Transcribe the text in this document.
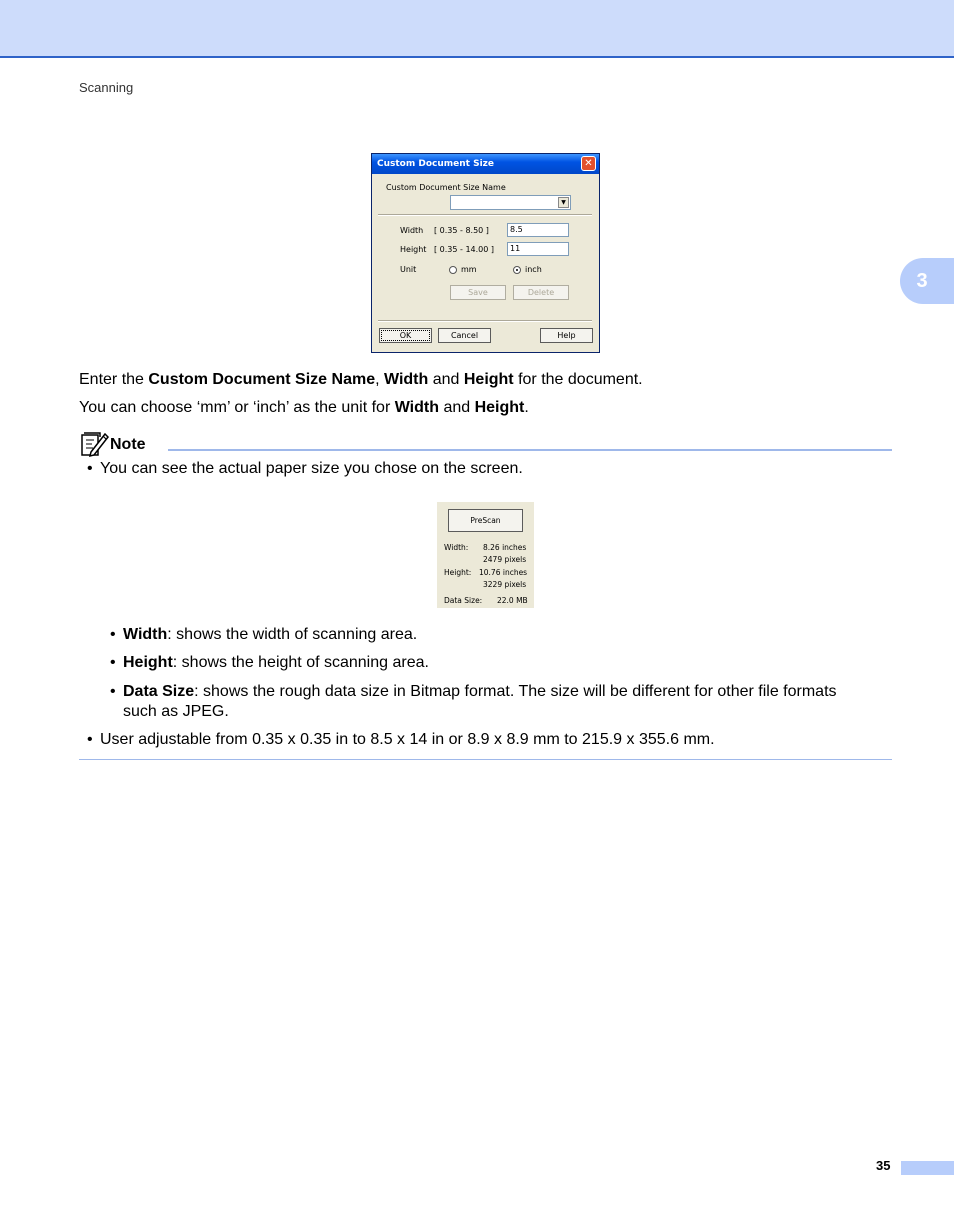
Scanning
3
Custom Document Size	✕
Custom Document Size Name
▼
Width [ 0.35 - 8.50 ]	8.5
Height [ 0.35 - 14.00 ]	11
Unit	mm	inch
Save	Delete
OK	Cancel	Help
Enter the Custom Document Size Name, Width and Height for the document.
You can choose ‘mm’ or ‘inch’ as the unit for Width and Height.
Note
• You can see the actual paper size you chose on the screen.
PreScan
Width: 8.26 inches
2479 pixels
Height: 10.76 inches
3229 pixels
Data Size: 22.0 MB
• Width: shows the width of scanning area.
• Height: shows the height of scanning area.
• Data Size: shows the rough data size in Bitmap format. The size will be different for other file formats
such as JPEG.
• User adjustable from 0.35 x 0.35 in to 8.5 x 14 in or 8.9 x 8.9 mm to 215.9 x 355.6 mm.
35
